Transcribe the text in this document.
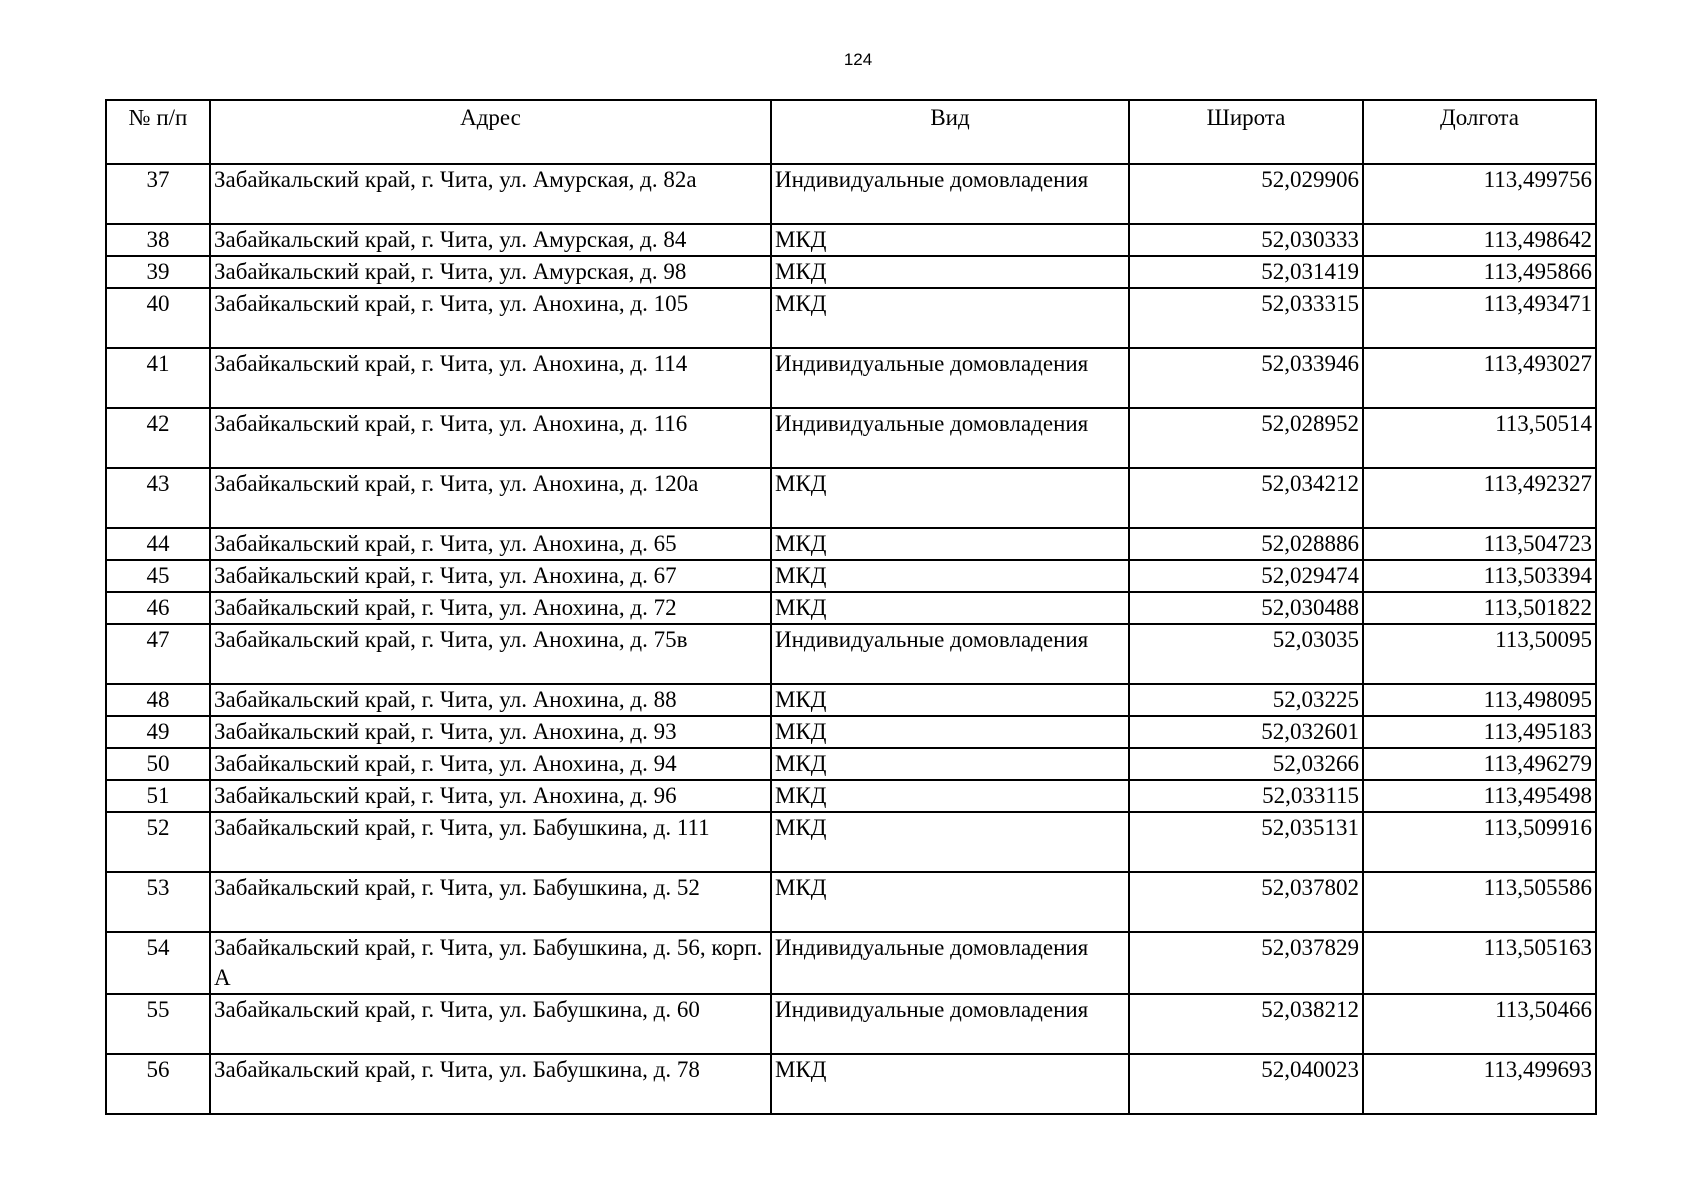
124
№ п/п	Адрес	Вид	Широта	Долгота
37	Забайкальский край, г. Чита, ул. Амурская, д. 82а	Индивидуальные домовладения	52,029906	113,499756
38	Забайкальский край, г. Чита, ул. Амурская, д. 84	МКД	52,030333	113,498642
39	Забайкальский край, г. Чита, ул. Амурская, д. 98	МКД	52,031419	113,495866
40	Забайкальский край, г. Чита, ул. Анохина, д. 105	МКД	52,033315	113,493471
41	Забайкальский край, г. Чита, ул. Анохина, д. 114	Индивидуальные домовладения	52,033946	113,493027
42	Забайкальский край, г. Чита, ул. Анохина, д. 116	Индивидуальные домовладения	52,028952	113,50514
43	Забайкальский край, г. Чита, ул. Анохина, д. 120а	МКД	52,034212	113,492327
44	Забайкальский край, г. Чита, ул. Анохина, д. 65	МКД	52,028886	113,504723
45	Забайкальский край, г. Чита, ул. Анохина, д. 67	МКД	52,029474	113,503394
46	Забайкальский край, г. Чита, ул. Анохина, д. 72	МКД	52,030488	113,501822
47	Забайкальский край, г. Чита, ул. Анохина, д. 75в	Индивидуальные домовладения	52,03035	113,50095
48	Забайкальский край, г. Чита, ул. Анохина, д. 88	МКД	52,03225	113,498095
49	Забайкальский край, г. Чита, ул. Анохина, д. 93	МКД	52,032601	113,495183
50	Забайкальский край, г. Чита, ул. Анохина, д. 94	МКД	52,03266	113,496279
51	Забайкальский край, г. Чита, ул. Анохина, д. 96	МКД	52,033115	113,495498
52	Забайкальский край, г. Чита, ул. Бабушкина, д. 111	МКД	52,035131	113,509916
53	Забайкальский край, г. Чита, ул. Бабушкина, д. 52	МКД	52,037802	113,505586
54	Забайкальский край, г. Чита, ул. Бабушкина, д. 56, корп. А	Индивидуальные домовладения	52,037829	113,505163
55	Забайкальский край, г. Чита, ул. Бабушкина, д. 60	Индивидуальные домовладения	52,038212	113,50466
56	Забайкальский край, г. Чита, ул. Бабушкина, д. 78	МКД	52,040023	113,499693
